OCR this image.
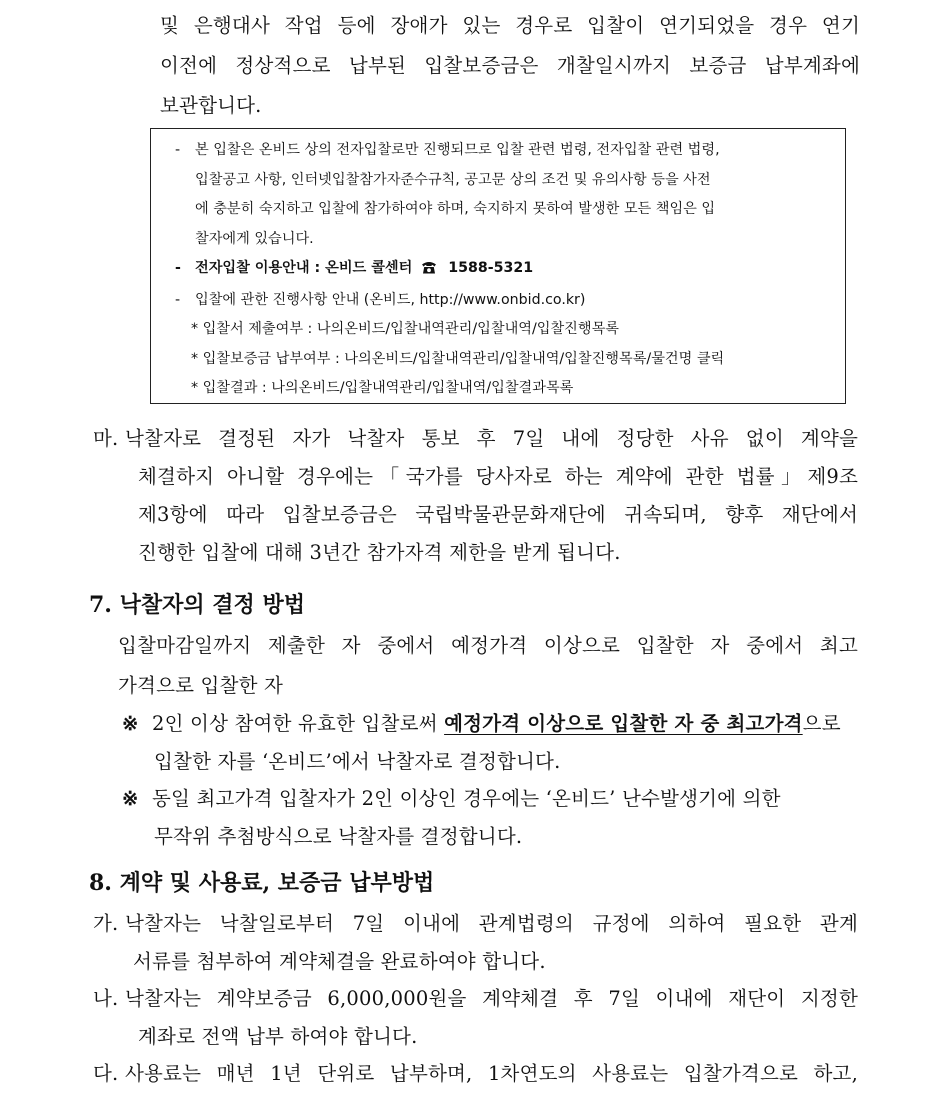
및 은행대사 작업 등에 장애가 있는 경우로 입찰이 연기되었을 경우 연기
이전에 정상적으로 납부된 입찰보증금은 개찰일시까지 보증금 납부계좌에
보관합니다.
- 본 입찰은 온비드 상의 전자입찰로만 진행되므로 입찰 관련 법령, 전자입찰 관련 법령,
입찰공고 사항, 인터넷입찰참가자준수규칙, 공고문 상의 조건 및 유의사항 등을 사전
에 충분히 숙지하고 입찰에 참가하여야 하며, 숙지하지 못하여 발생한 모든 책임은 입
찰자에게 있습니다.
- 전자입찰 이용안내 : 온비드 콜센터	1588-5321
- 입찰에 관한 진행사항 안내 (온비드, http://www.onbid.co.kr)
* 입찰서 제출여부 : 나의온비드/입찰내역관리/입찰내역/입찰진행목록
* 입찰보증금 납부여부 : 나의온비드/입찰내역관리/입찰내역/입찰진행목록/물건명 클릭
* 입찰결과 : 나의온비드/입찰내역관리/입찰내역/입찰결과목록
마. 낙찰자로 결정된 자가 낙찰자 통보 후 7일 내에 정당한 사유 없이 계약을
체결하지 아니할 경우에는「국가를 당사자로 하는 계약에 관한 법률」제9조
제3항에 따라 입찰보증금은 국립박물관문화재단에 귀속되며, 향후 재단에서
진행한 입찰에 대해 3년간 참가자격 제한을 받게 됩니다.
7. 낙찰자의 결정 방법
입찰마감일까지 제출한 자 중에서 예정가격 이상으로 입찰한 자 중에서 최고
가격으로 입찰한 자
※ 2인 이상 참여한 유효한 입찰로써 예정가격 이상으로 입찰한 자 중 최고가격으로
입찰한 자를 ‘온비드’에서 낙찰자로 결정합니다.
※ 동일 최고가격 입찰자가 2인 이상인 경우에는 ‘온비드’ 난수발생기에 의한
무작위 추첨방식으로 낙찰자를 결정합니다.
8. 계약 및 사용료, 보증금 납부방법
가. 낙찰자는 낙찰일로부터 7일 이내에 관계법령의 규정에 의하여 필요한 관계
서류를 첨부하여 계약체결을 완료하여야 합니다.
나. 낙찰자는 계약보증금 6,000,000원을 계약체결 후 7일 이내에 재단이 지정한
계좌로 전액 납부 하여야 합니다.
다. 사용료는 매년 1년 단위로 납부하며, 1차연도의 사용료는 입찰가격으로 하고,
